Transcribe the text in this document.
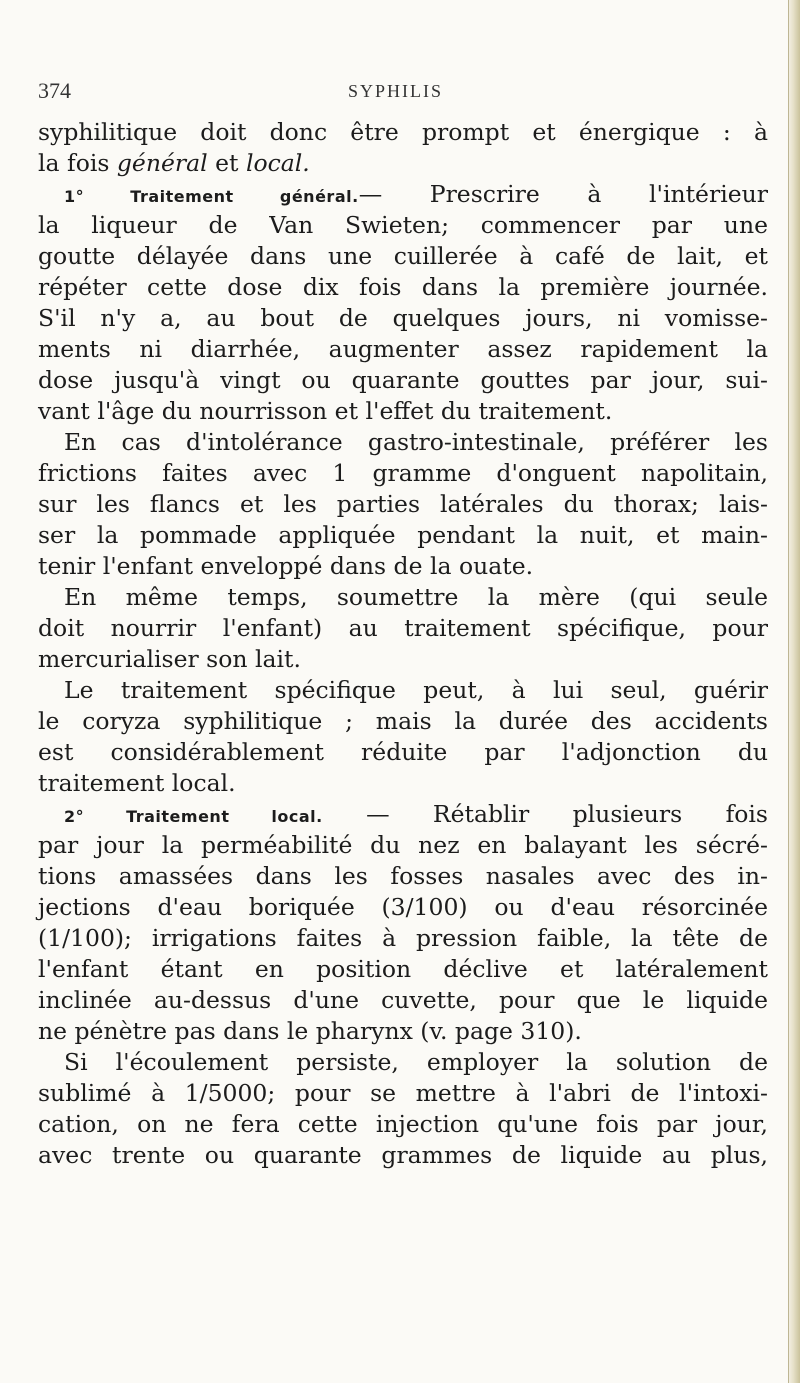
374	SYPHILIS
syphilitique doit donc être prompt et énergique : à
la fois général et local.
1° Traitement général.— Prescrire à l'intérieur
la liqueur de Van Swieten; commencer par une
goutte délayée dans une cuillerée à café de lait, et
répéter cette dose dix fois dans la première journée.
S'il n'y a, au bout de quelques jours, ni vomisse-
ments ni diarrhée, augmenter assez rapidement la
dose jusqu'à vingt ou quarante gouttes par jour, sui-
vant l'âge du nourrisson et l'effet du traitement.
En cas d'intolérance gastro-intestinale, préférer les
frictions faites avec 1 gramme d'onguent napolitain,
sur les flancs et les parties latérales du thorax; lais-
ser la pommade appliquée pendant la nuit, et main-
tenir l'enfant enveloppé dans de la ouate.
En même temps, soumettre la mère (qui seule
doit nourrir l'enfant) au traitement spécifique, pour
mercurialiser son lait.
Le traitement spécifique peut, à lui seul, guérir
le coryza syphilitique ; mais la durée des accidents
est considérablement réduite par l'adjonction du
traitement local.
2° Traitement local. — Rétablir plusieurs fois
par jour la perméabilité du nez en balayant les sécré-
tions amassées dans les fosses nasales avec des in-
jections d'eau boriquée (3/100) ou d'eau résorcinée
(1/100); irrigations faites à pression faible, la tête de
l'enfant étant en position déclive et latéralement
inclinée au-dessus d'une cuvette, pour que le liquide
ne pénètre pas dans le pharynx (v. page 310).
Si l'écoulement persiste, employer la solution de
sublimé à 1/5000; pour se mettre à l'abri de l'intoxi-
cation, on ne fera cette injection qu'une fois par jour,
avec trente ou quarante grammes de liquide au plus,
